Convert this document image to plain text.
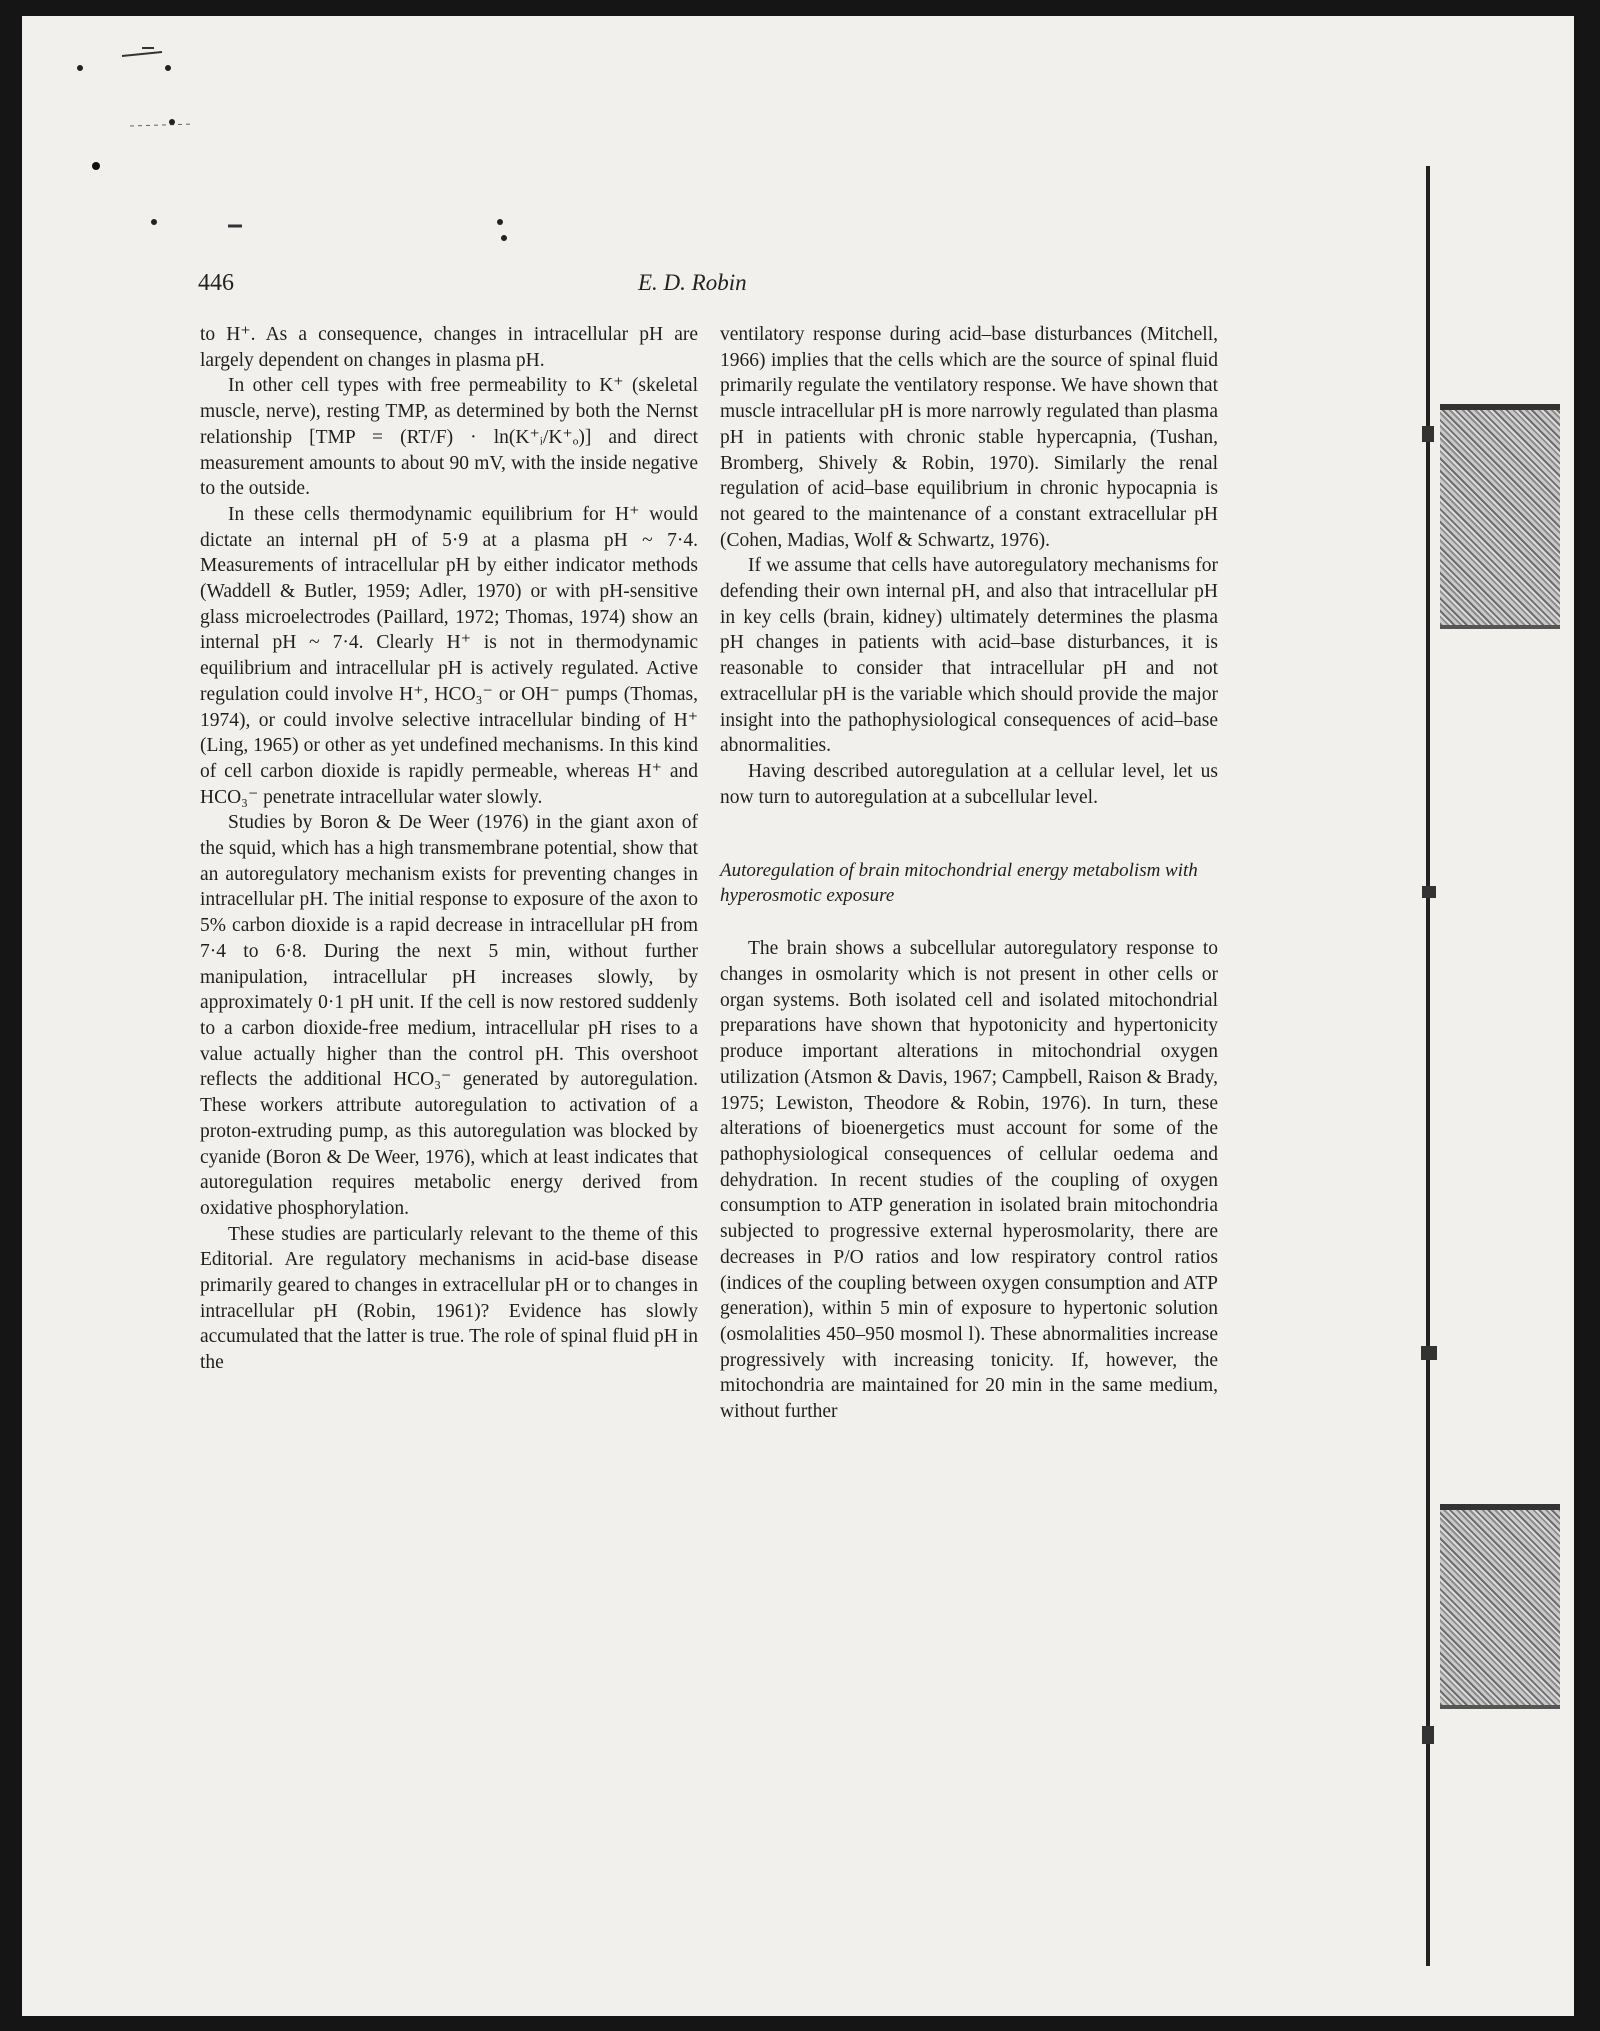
446	E. D. Robin

to H⁺. As a consequence, changes in intracellular pH are largely dependent on changes in plasma pH.

In other cell types with free permeability to K⁺ (skeletal muscle, nerve), resting TMP, as determined by both the Nernst relationship [TMP = (RT/F) · ln(K⁺ᵢ/K⁺ₒ)] and direct measurement amounts to about 90 mV, with the inside negative to the outside.

In these cells thermodynamic equilibrium for H⁺ would dictate an internal pH of 5·9 at a plasma pH ~ 7·4. Measurements of intracellular pH by either indicator methods (Waddell & Butler, 1959; Adler, 1970) or with pH-sensitive glass microelectrodes (Paillard, 1972; Thomas, 1974) show an internal pH ~ 7·4. Clearly H⁺ is not in thermodynamic equilibrium and intracellular pH is actively regulated. Active regulation could involve H⁺, HCO₃⁻ or OH⁻ pumps (Thomas, 1974), or could involve selective intracellular binding of H⁺ (Ling, 1965) or other as yet undefined mechanisms. In this kind of cell carbon dioxide is rapidly permeable, whereas H⁺ and HCO₃⁻ penetrate intracellular water slowly.

Studies by Boron & De Weer (1976) in the giant axon of the squid, which has a high transmembrane potential, show that an autoregulatory mechanism exists for preventing changes in intracellular pH. The initial response to exposure of the axon to 5% carbon dioxide is a rapid decrease in intracellular pH from 7·4 to 6·8. During the next 5 min, without further manipulation, intracellular pH increases slowly, by approximately 0·1 pH unit. If the cell is now restored suddenly to a carbon dioxide-free medium, intracellular pH rises to a value actually higher than the control pH. This overshoot reflects the additional HCO₃⁻ generated by autoregulation. These workers attribute autoregulation to activation of a proton-extruding pump, as this autoregulation was blocked by cyanide (Boron & De Weer, 1976), which at least indicates that autoregulation requires metabolic energy derived from oxidative phosphorylation.

These studies are particularly relevant to the theme of this Editorial. Are regulatory mechanisms in acid-base disease primarily geared to changes in extracellular pH or to changes in intracellular pH (Robin, 1961)? Evidence has slowly accumulated that the latter is true. The role of spinal fluid pH in the

ventilatory response during acid–base disturbances (Mitchell, 1966) implies that the cells which are the source of spinal fluid primarily regulate the ventilatory response. We have shown that muscle intracellular pH is more narrowly regulated than plasma pH in patients with chronic stable hypercapnia, (Tushan, Bromberg, Shively & Robin, 1970). Similarly the renal regulation of acid–base equilibrium in chronic hypocapnia is not geared to the maintenance of a constant extracellular pH (Cohen, Madias, Wolf & Schwartz, 1976).

If we assume that cells have autoregulatory mechanisms for defending their own internal pH, and also that intracellular pH in key cells (brain, kidney) ultimately determines the plasma pH changes in patients with acid–base disturbances, it is reasonable to consider that intracellular pH and not extracellular pH is the variable which should provide the major insight into the pathophysiological consequences of acid–base abnormalities.

Having described autoregulation at a cellular level, let us now turn to autoregulation at a subcellular level.

Autoregulation of brain mitochondrial energy metabolism with hyperosmotic exposure

The brain shows a subcellular autoregulatory response to changes in osmolarity which is not present in other cells or organ systems. Both isolated cell and isolated mitochondrial preparations have shown that hypotonicity and hypertonicity produce important alterations in mitochondrial oxygen utilization (Atsmon & Davis, 1967; Campbell, Raison & Brady, 1975; Lewiston, Theodore & Robin, 1976). In turn, these alterations of bioenergetics must account for some of the pathophysiological consequences of cellular oedema and dehydration. In recent studies of the coupling of oxygen consumption to ATP generation in isolated brain mitochondria subjected to progressive external hyperosmolarity, there are decreases in P/O ratios and low respiratory control ratios (indices of the coupling between oxygen consumption and ATP generation), within 5 min of exposure to hypertonic solution (osmolalities 450–950 mosmol l). These abnormalities increase progressively with increasing tonicity. If, however, the mitochondria are maintained for 20 min in the same medium, without further
